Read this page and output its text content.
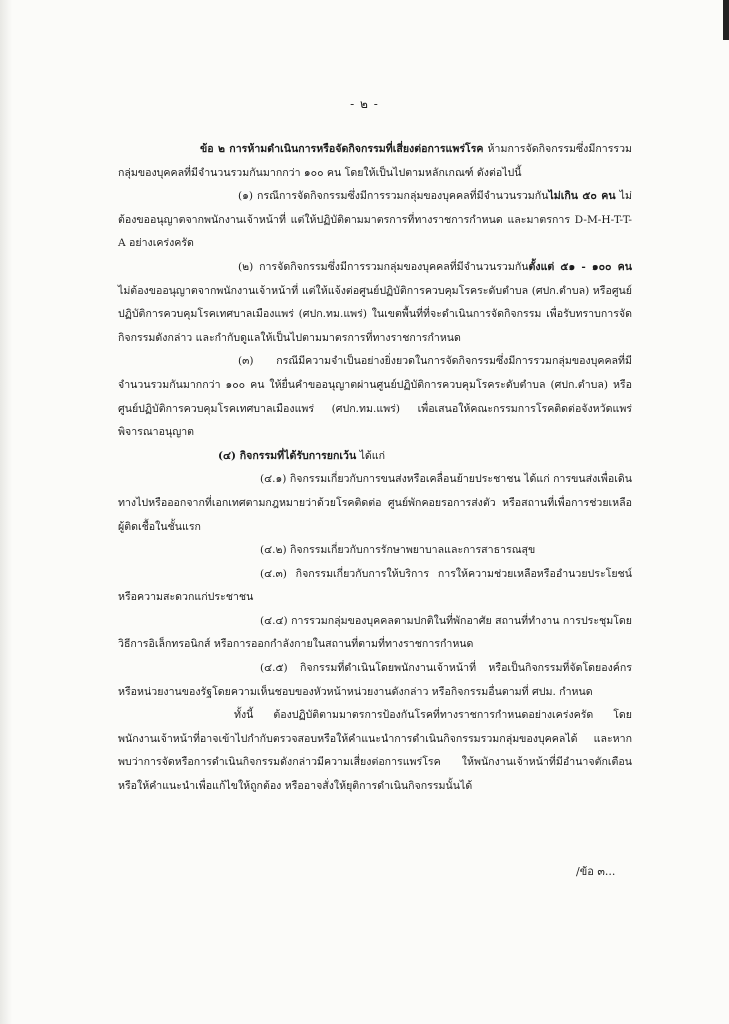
- ๒ -

ข้อ ๒ การห้ามดำเนินการหรือจัดกิจกรรมที่เสี่ยงต่อการแพร่โรค ห้ามการจัดกิจกรรมซึ่งมีการรวมกลุ่มของบุคคลที่มีจำนวนรวมกันมากกว่า ๑๐๐ คน โดยให้เป็นไปตามหลักเกณฑ์ ดังต่อไปนี้

(๑) กรณีการจัดกิจกรรมซึ่งมีการรวมกลุ่มของบุคคลที่มีจำนวนรวมกันไม่เกิน ๕๐ คน ไม่ต้องขออนุญาตจากพนักงานเจ้าหน้าที่ แต่ให้ปฏิบัติตามมาตรการที่ทางราชการกำหนด และมาตรการ D-M-H-T-T-A อย่างเคร่งครัด

(๒) การจัดกิจกรรมซึ่งมีการรวมกลุ่มของบุคคลที่มีจำนวนรวมกันตั้งแต่ ๕๑ - ๑๐๐ คน ไม่ต้องขออนุญาตจากพนักงานเจ้าหน้าที่ แต่ให้แจ้งต่อศูนย์ปฏิบัติการควบคุมโรคระดับตำบล (ศปก.ตำบล) หรือศูนย์ปฏิบัติการควบคุมโรคเทศบาลเมืองแพร่ (ศปก.ทม.แพร่) ในเขตพื้นที่ที่จะดำเนินการจัดกิจกรรม เพื่อรับทราบการจัดกิจกรรมดังกล่าว และกำกับดูแลให้เป็นไปตามมาตรการที่ทางราชการกำหนด

(๓) กรณีมีความจำเป็นอย่างยิ่งยวดในการจัดกิจกรรมซึ่งมีการรวมกลุ่มของบุคคลที่มีจำนวนรวมกันมากกว่า ๑๐๐ คน ให้ยื่นคำขออนุญาตผ่านศูนย์ปฏิบัติการควบคุมโรคระดับตำบล (ศปก.ตำบล) หรือศูนย์ปฏิบัติการควบคุมโรคเทศบาลเมืองแพร่ (ศปก.ทม.แพร่) เพื่อเสนอให้คณะกรรมการโรคติดต่อจังหวัดแพร่พิจารณาอนุญาต

(๔) กิจกรรมที่ได้รับการยกเว้น ได้แก่

(๔.๑) กิจกรรมเกี่ยวกับการขนส่งหรือเคลื่อนย้ายประชาชน ได้แก่ การขนส่งเพื่อเดินทางไปหรือออกจากที่เอกเทศตามกฎหมายว่าด้วยโรคติดต่อ ศูนย์พักคอยรอการส่งตัว หรือสถานที่เพื่อการช่วยเหลือผู้ติดเชื้อในชั้นแรก

(๔.๒) กิจกรรมเกี่ยวกับการรักษาพยาบาลและการสาธารณสุข

(๔.๓) กิจกรรมเกี่ยวกับการให้บริการ การให้ความช่วยเหลือหรืออำนวยประโยชน์หรือความสะดวกแก่ประชาชน

(๔.๔) การรวมกลุ่มของบุคคลตามปกติในที่พักอาศัย สถานที่ทำงาน การประชุมโดยวิธีการอิเล็กทรอนิกส์ หรือการออกกำลังกายในสถานที่ตามที่ทางราชการกำหนด

(๔.๕) กิจกรรมที่ดำเนินโดยพนักงานเจ้าหน้าที่ หรือเป็นกิจกรรมที่จัดโดยองค์กรหรือหน่วยงานของรัฐโดยความเห็นชอบของหัวหน้าหน่วยงานดังกล่าว หรือกิจกรรมอื่นตามที่ ศปม. กำหนด

ทั้งนี้ ต้องปฏิบัติตามมาตรการป้องกันโรคที่ทางราชการกำหนดอย่างเคร่งครัด โดยพนักงานเจ้าหน้าที่อาจเข้าไปกำกับตรวจสอบหรือให้คำแนะนำการดำเนินกิจกรรมรวมกลุ่มของบุคคลได้ และหากพบว่าการจัดหรือการดำเนินกิจกรรมดังกล่าวมีความเสี่ยงต่อการแพร่โรค ให้พนักงานเจ้าหน้าที่มีอำนาจตักเตือนหรือให้คำแนะนำเพื่อแก้ไขให้ถูกต้อง หรืออาจสั่งให้ยุติการดำเนินกิจกรรมนั้นได้

/ข้อ ๓...
